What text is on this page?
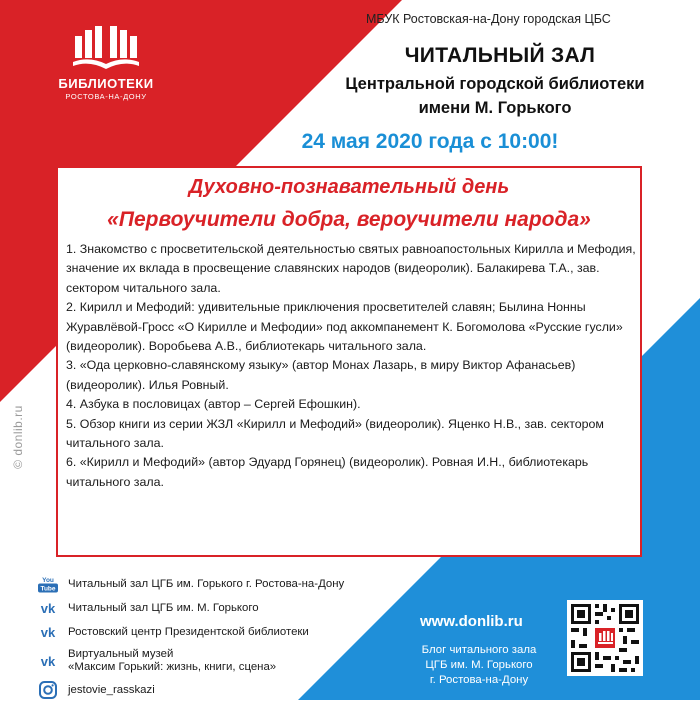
© donlib.ru
БИБЛИОТЕКИ
РОСТОВА-НА-ДОНУ
МБУК Ростовская-на-Дону городская ЦБС
ЧИТАЛЬНЫЙ ЗАЛ
Центральной городской библиотеки
имени М. Горького
24 мая 2020 года с 10:00!
Духовно-познавательный день
«Первоучители добра, вероучители народа»

1. Знакомство с просветительской деятельностью святых равноапостольных Кирилла и Мефодия, значение их вклада в просвещение славянских народов (видеоролик). Балакирева Т.А., зав. сектором читального зала.

2. Кирилл и Мефодий: удивительные приключения просветителей славян; Былина Нонны Журавлёвой-Гросс «О Кирилле и Мефодии» под аккомпанемент К. Богомолова «Русские гусли» (видеоролик). Воробьева А.В., библиотекарь читального зала.

3. «Ода церковно-славянскому языку» (автор Монах Лазарь, в миру Виктор Афанасьев) (видеоролик). Илья Ровный.

4. Азбука в пословицах (автор – Сергей Ефошкин).

5. Обзор книги из серии ЖЗЛ «Кирилл и Мефодий» (видеоролик). Яценко Н.В., зав. сектором читального зала.

6. «Кирилл и Мефодий» (автор Эдуард Горянец) (видеоролик). Ровная И.Н., библиотекарь читального зала.

You
Tube Читальный зал ЦГБ им. Горького г. Ростова-на-Дону
vk Читальный зал ЦГБ им. М. Горького
vk Ростовский центр Президентской библиотеки
vk Виртуальный музей
«Максим Горький: жизнь, книги, сцена»
jestovie_rasskazi
www.donlib.ru
Блог читального зала
ЦГБ им. М. Горького
г. Ростова-на-Дону
